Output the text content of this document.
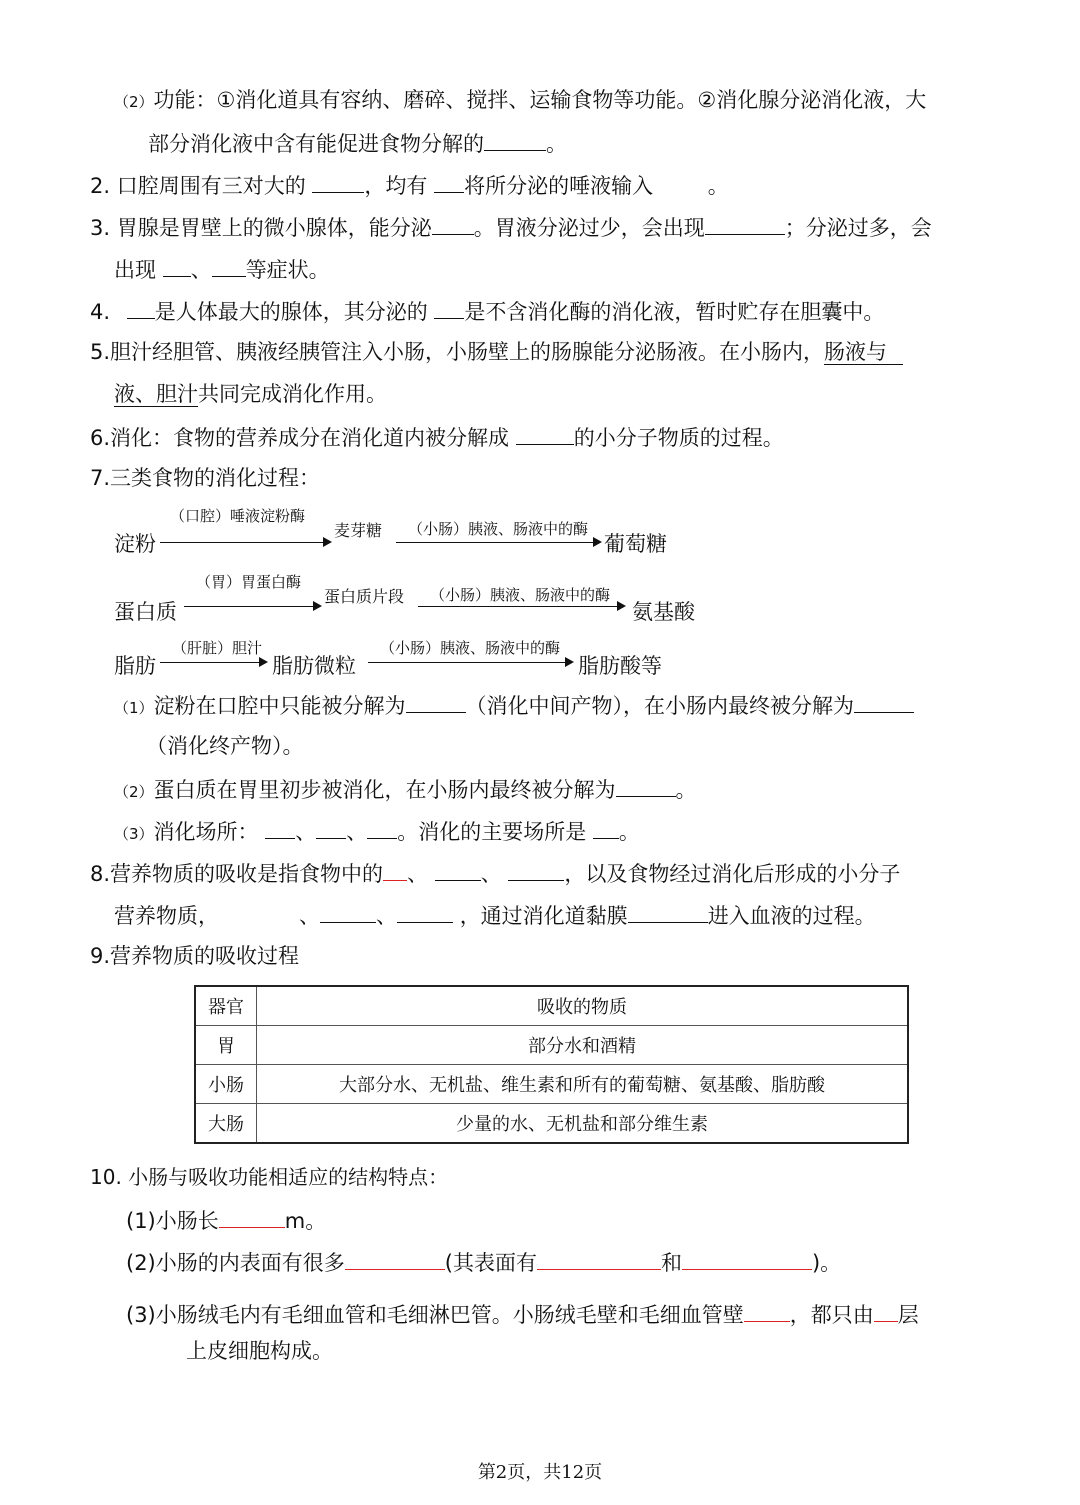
（2）功能：①消化道具有容纳、磨碎、搅拌、运输食物等功能。②消化腺分泌消化液，大
部分消化液中含有能促进食物分解的	。
2. 口腔周围有三对大的	，均有 将所分泌的唾液输入	。
3. 胃腺是胃壁上的微小腺体，能分泌 。胃液分泌过少，会出现	；分泌过多，会
出现 、 等症状。
4. 是人体最大的腺体，其分泌的 是不含消化酶的消化液，暂时贮存在胆囊中。
5.胆汁经胆管、胰液经胰管注入小肠，小肠壁上的肠腺能分泌肠液。在小肠内，肠液与
液、胆汁共同完成消化作用。
6.消化：食物的营养成分在消化道内被分解成	的小分子物质的过程。
7.三类食物的消化过程：
淀粉
（口腔）唾液淀粉酶
麦芽糖 （小肠）胰液、肠液中的酶
葡萄糖
蛋白质
（胃）胃蛋白酶
蛋白质片段 （小肠）胰液、肠液中的酶
氨基酸
脂肪
（肝脏）胆汁
脂肪微粒
（小肠）胰液、肠液中的酶
脂肪酸等
（1）淀粉在口腔中只能被分解为	（消化中间产物），在小肠内最终被分解为
（消化终产物）。
（2）蛋白质在胃里初步被消化，在小肠内最终被分解为	。
（3）消化场所： 、 、 。消化的主要场所是 。
8.营养物质的吸收是指食物中的 、	、	，以及食物经过消化后形成的小分子
营养物质，	、	、	，通过消化道黏膜	进入血液的过程。
9.营养物质的吸收过程
器官	吸收的物质
胃	部分水和酒精
小肠	大部分水、无机盐、维生素和所有的葡萄糖、氨基酸、脂肪酸
大肠	少量的水、无机盐和部分维生素
10. 小肠与吸收功能相适应的结构特点：
(1)小肠长	m。
(2)小肠的内表面有很多	(其表面有	和	)。
(3)小肠绒毛内有毛细血管和毛细淋巴管。小肠绒毛壁和毛细血管壁 ，都只由 层
上皮细胞构成。
第2页，共12页
